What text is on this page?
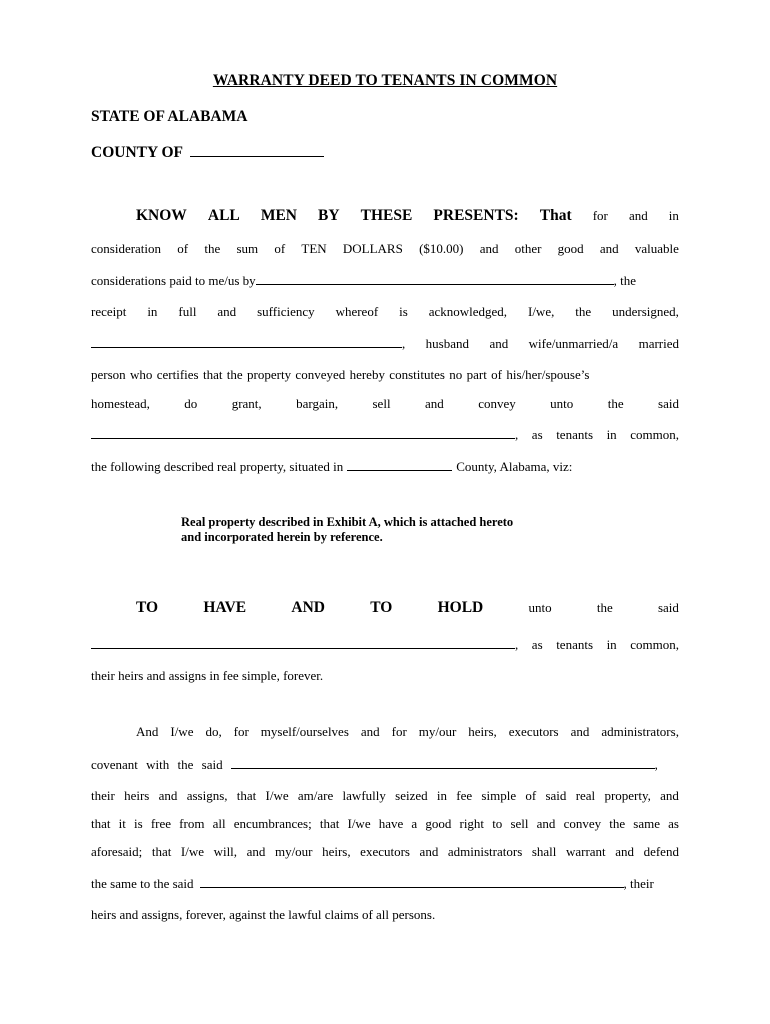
WARRANTY DEED TO TENANTS IN COMMON
STATE OF ALABAMA
COUNTY OF
KNOW ALL MEN BY THESE PRESENTS: That for and in
consideration of the sum of TEN DOLLARS ($10.00) and other good and valuable
considerations paid to me/us by	, the
receipt in full and sufficiency whereof is acknowledged, I/we, the undersigned,
, husband and wife/unmarried/a married
person who certifies that the property conveyed hereby constitutes no part of his/her/spouse’s
homestead,	do	grant,	bargain,	sell	and	convey	unto	the	said
, as tenants in common,
the following described real property, situated in	County, Alabama, viz:
Real property described in Exhibit A, which is attached hereto
and incorporated herein by reference.
TO	HAVE	AND	TO	HOLD	unto	the	said
, as tenants in common,
their heirs and assigns in fee simple, forever.
And I/we do, for myself/ourselves and for my/our heirs, executors and administrators,
covenant with the said	,
their heirs and assigns, that I/we am/are lawfully seized in fee simple of said real property, and
that it is free from all encumbrances; that I/we have a good right to sell and convey the same as
aforesaid; that I/we will, and my/our heirs, executors and administrators shall warrant and defend
the same to the said	, their
heirs and assigns, forever, against the lawful claims of all persons.
